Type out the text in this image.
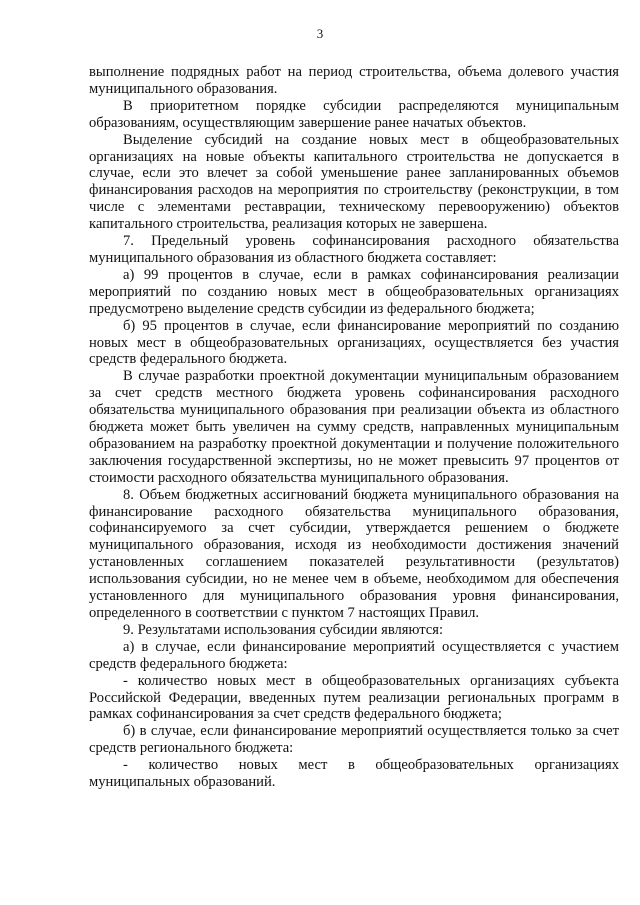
3

выполнение подрядных работ на период строительства, объема долевого участия муниципального образования.

В приоритетном порядке субсидии распределяются муниципальным образованиям, осуществляющим завершение ранее начатых объектов.

Выделение субсидий на создание новых мест в общеобразовательных организациях на новые объекты капитального строительства не допускается в случае, если это влечет за собой уменьшение ранее запланированных объемов финансирования расходов на мероприятия по строительству (реконструкции, в том числе с элементами реставрации, техническому перевооружению) объектов капитального строительства, реализация которых не завершена.

7. Предельный уровень софинансирования расходного обязательства муниципального образования из областного бюджета составляет:

а) 99 процентов в случае, если в рамках софинансирования реализации мероприятий по созданию новых мест в общеобразовательных организациях предусмотрено выделение средств субсидии из федерального бюджета;

б) 95 процентов в случае, если финансирование мероприятий по созданию новых мест в общеобразовательных организациях, осуществляется без участия средств федерального бюджета.

В случае разработки проектной документации муниципальным образованием за счет средств местного бюджета уровень софинансирования расходного обязательства муниципального образования при реализации объекта из областного бюджета может быть увеличен на сумму средств, направленных муниципальным образованием на разработку проектной документации и получение положительного заключения государственной экспертизы, но не может превысить 97 процентов от стоимости расходного обязательства муниципального образования.

8. Объем бюджетных ассигнований бюджета муниципального образования на финансирование расходного обязательства муниципального образования, софинансируемого за счет субсидии, утверждается решением о бюджете муниципального образования, исходя из необходимости достижения значений установленных соглашением показателей результативности (результатов) использования субсидии, но не менее чем в объеме, необходимом для обеспечения установленного для муниципального образования уровня финансирования, определенного в соответствии с пунктом 7 настоящих Правил.

9. Результатами использования субсидии являются:

а) в случае, если финансирование мероприятий осуществляется с участием средств федерального бюджета:

- количество новых мест в общеобразовательных организациях субъекта Российской Федерации, введенных путем реализации региональных программ в рамках софинансирования за счет средств федерального бюджета;

б) в случае, если финансирование мероприятий осуществляется только за счет средств регионального бюджета:

- количество новых мест в общеобразовательных организациях муниципальных образований.
